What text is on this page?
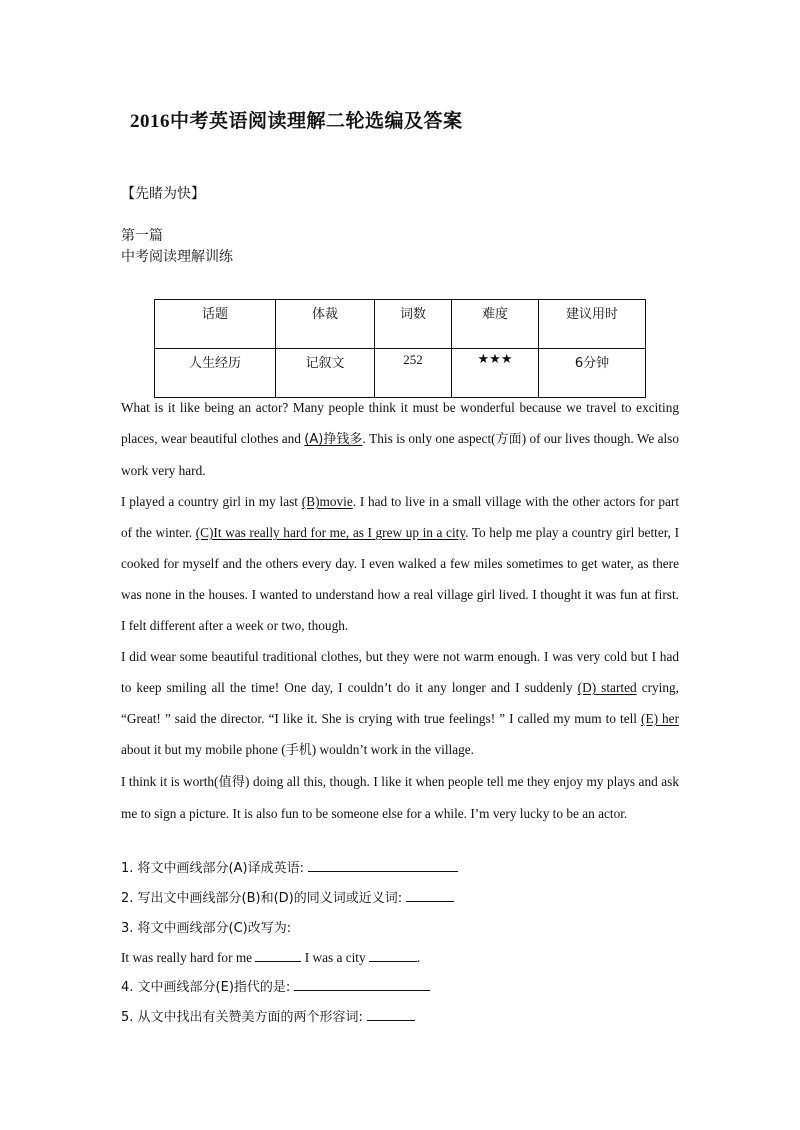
2016中考英语阅读理解二轮选编及答案
【先睹为快】
第一篇
中考阅读理解训练
话题	体裁	词数	难度	建议用时
人生经历	记叙文	252	★★★	6分钟

What is it like being an actor? Many people think it must be wonderful because we travel to exciting places, wear beautiful clothes and (A)挣钱多. This is only one aspect(方面) of our lives though. We also work very hard.

I played a country girl in my last (B)movie. I had to live in a small village with the other actors for part of the winter. (C)It was really hard for me, as I grew up in a city. To help me play a country girl better, I cooked for myself and the others every day. I even walked a few miles sometimes to get water, as there was none in the houses. I wanted to understand how a real village girl lived. I thought it was fun at first. I felt different after a week or two, though.

I did wear some beautiful traditional clothes, but they were not warm enough. I was very cold but I had to keep smiling all the time! One day, I couldn’t do it any longer and I suddenly (D) started crying, “Great! ” said the director. “I like it. She is crying with true feelings! ” I called my mum to tell (E) her about it but my mobile phone (手机) wouldn’t work in the village.

I think it is worth(值得) doing all this, though. I like it when people tell me they enjoy my plays and ask me to sign a picture. It is also fun to be someone else for a while. I’m very lucky to be an actor.

1. 将文中画线部分(A)译成英语:
2. 写出文中画线部分(B)和(D)的同义词或近义词:
3. 将文中画线部分(C)改写为:
It was really hard for me	I was a city	.
4. 文中画线部分(E)指代的是:
5. 从文中找出有关赞美方面的两个形容词:
